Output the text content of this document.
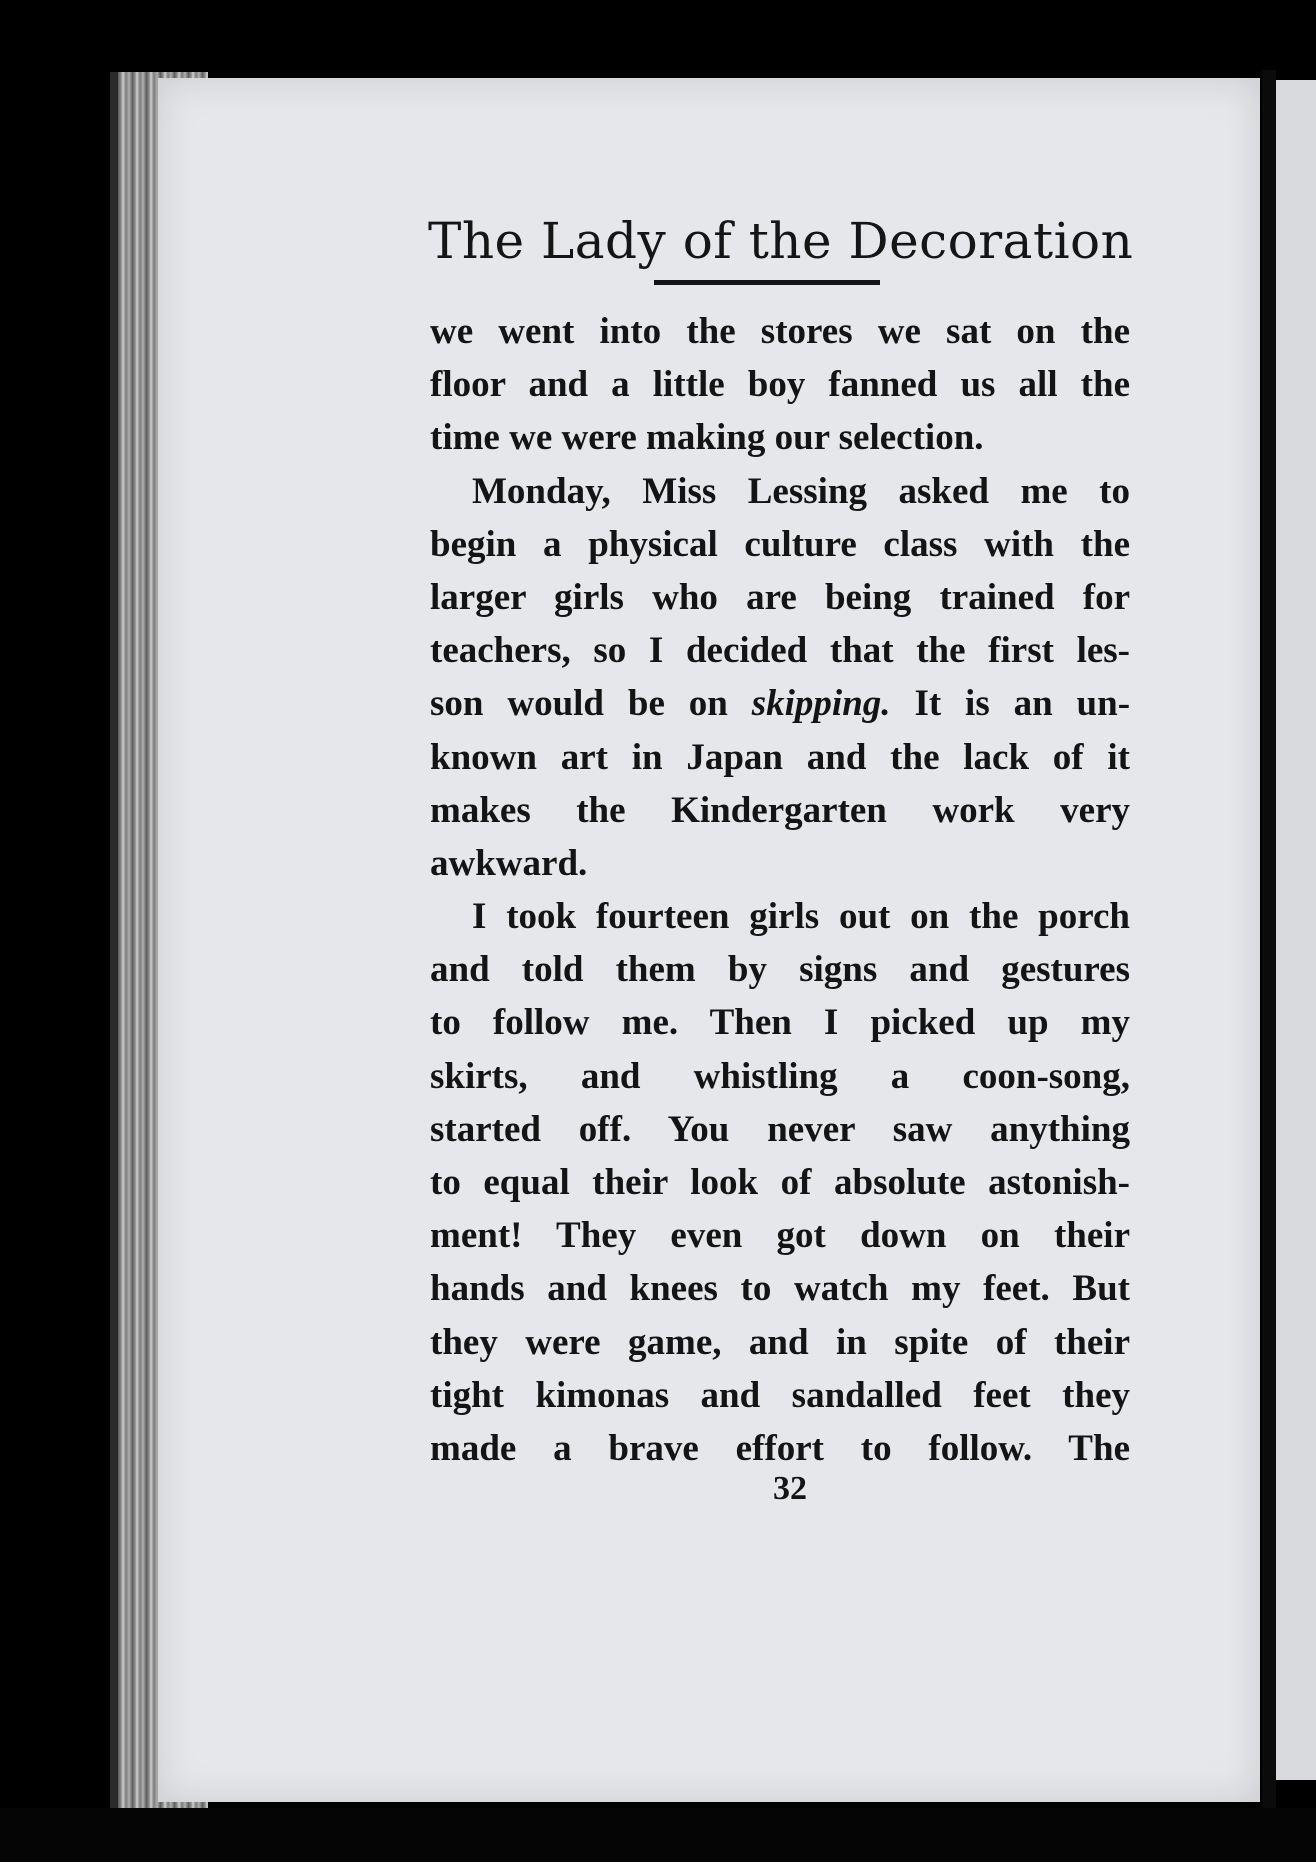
The Lady of the Decoration
we went into the stores we sat on the
floor and a little boy fanned us all the
time we were making our selection.
Monday, Miss Lessing asked me to
begin a physical culture class with the
larger girls who are being trained for
teachers, so I decided that the first les-
son would be on skipping. It is an un-
known art in Japan and the lack of it
makes the Kindergarten work very
awkward.
I took fourteen girls out on the porch
and told them by signs and gestures
to follow me. Then I picked up my
skirts, and whistling a coon-song,
started off. You never saw anything
to equal their look of absolute astonish-
ment! They even got down on their
hands and knees to watch my feet. But
they were game, and in spite of their
tight kimonas and sandalled feet they
made a brave effort to follow. The
32
